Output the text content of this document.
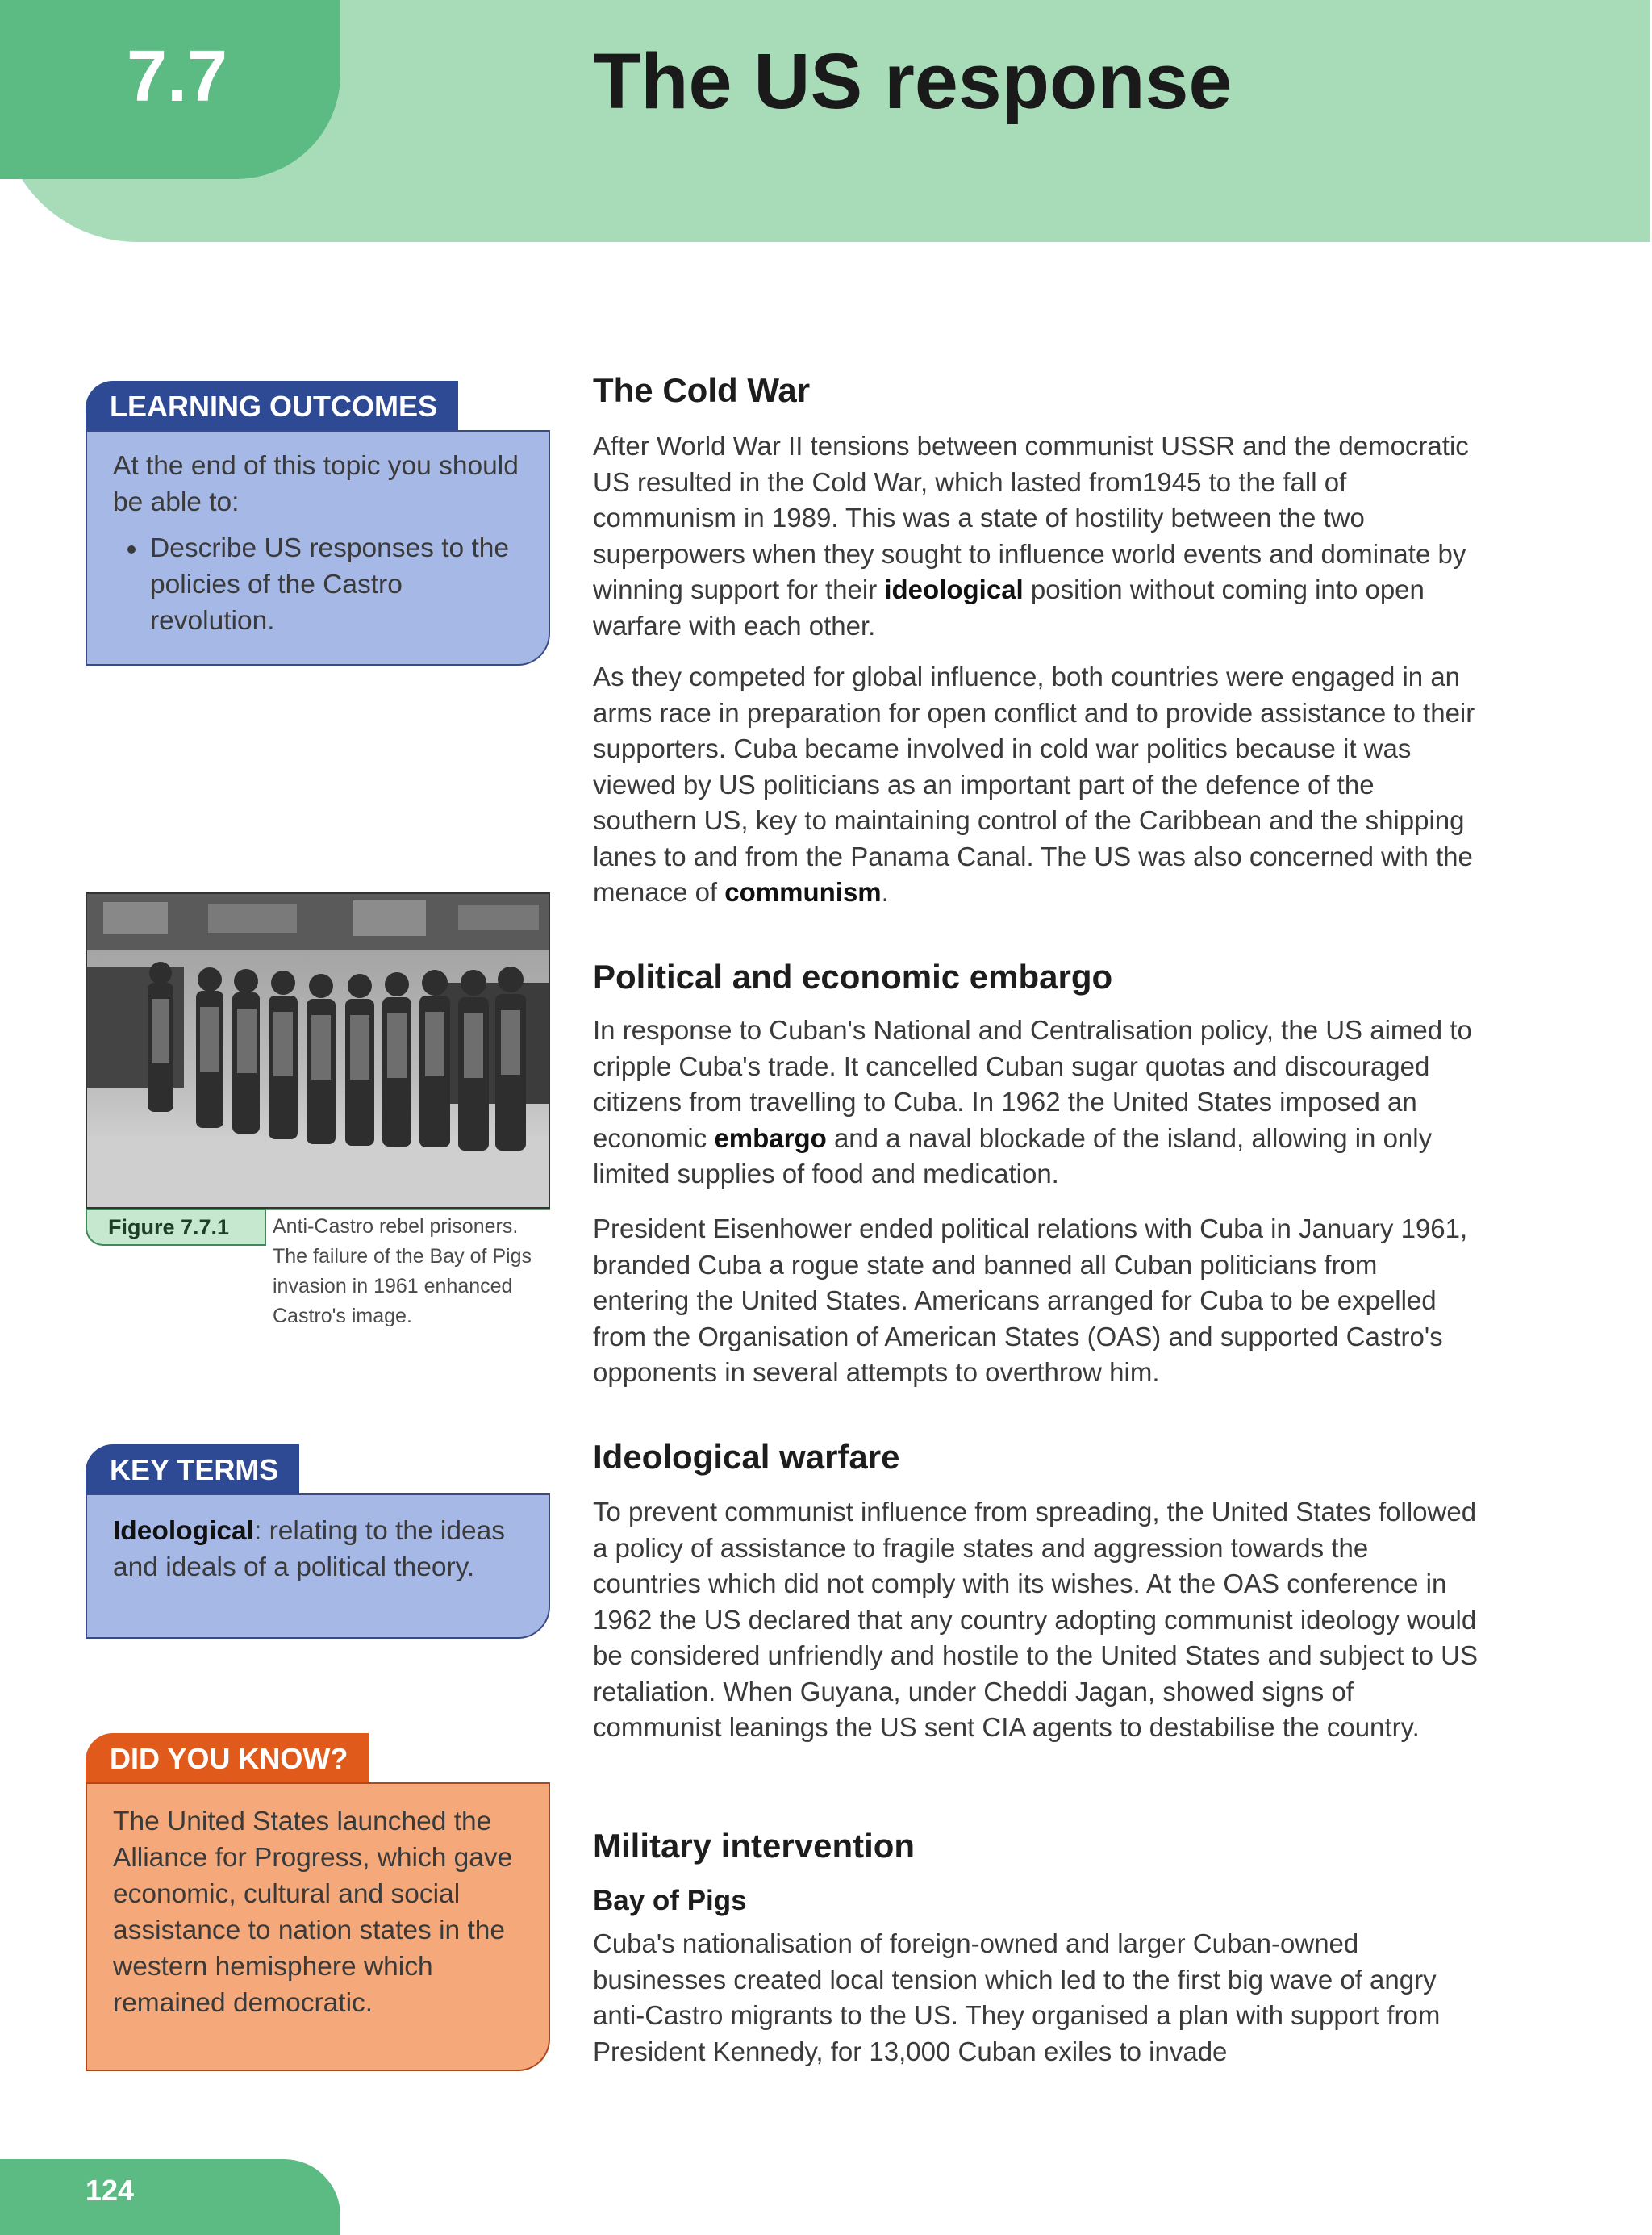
7.7	The US response
LEARNING OUTCOMES
At the end of this topic you should be able to:
• Describe US responses to the policies of the Castro revolution.
Figure 7.7.1	Anti-Castro rebel prisoners. The failure of the Bay of Pigs invasion in 1961 enhanced Castro's image.
KEY TERMS
Ideological: relating to the ideas and ideals of a political theory.
DID YOU KNOW?
The United States launched the Alliance for Progress, which gave economic, cultural and social assistance to nation states in the western hemisphere which remained democratic.
The Cold War

After World War II tensions between communist USSR and the democratic US resulted in the Cold War, which lasted from1945 to the fall of communism in 1989. This was a state of hostility between the two superpowers when they sought to influence world events and dominate by winning support for their ideological position without coming into open warfare with each other.

As they competed for global influence, both countries were engaged in an arms race in preparation for open conflict and to provide assistance to their supporters. Cuba became involved in cold war politics because it was viewed by US politicians as an important part of the defence of the southern US, key to maintaining control of the Caribbean and the shipping lanes to and from the Panama Canal. The US was also concerned with the menace of communism.

Political and economic embargo

In response to Cuban's National and Centralisation policy, the US aimed to cripple Cuba's trade. It cancelled Cuban sugar quotas and discouraged citizens from travelling to Cuba. In 1962 the United States imposed an economic embargo and a naval blockade of the island, allowing in only limited supplies of food and medication.

President Eisenhower ended political relations with Cuba in January 1961, branded Cuba a rogue state and banned all Cuban politicians from entering the United States. Americans arranged for Cuba to be expelled from the Organisation of American States (OAS) and supported Castro's opponents in several attempts to overthrow him.

Ideological warfare

To prevent communist influence from spreading, the United States followed a policy of assistance to fragile states and aggression towards the countries which did not comply with its wishes. At the OAS conference in 1962 the US declared that any country adopting communist ideology would be considered unfriendly and hostile to the United States and subject to US retaliation. When Guyana, under Cheddi Jagan, showed signs of communist leanings the US sent CIA agents to destabilise the country.

Military intervention
Bay of Pigs

Cuba's nationalisation of foreign-owned and larger Cuban-owned businesses created local tension which led to the first big wave of angry anti-Castro migrants to the US. They organised a plan with support from President Kennedy, for 13,000 Cuban exiles to invade

124
